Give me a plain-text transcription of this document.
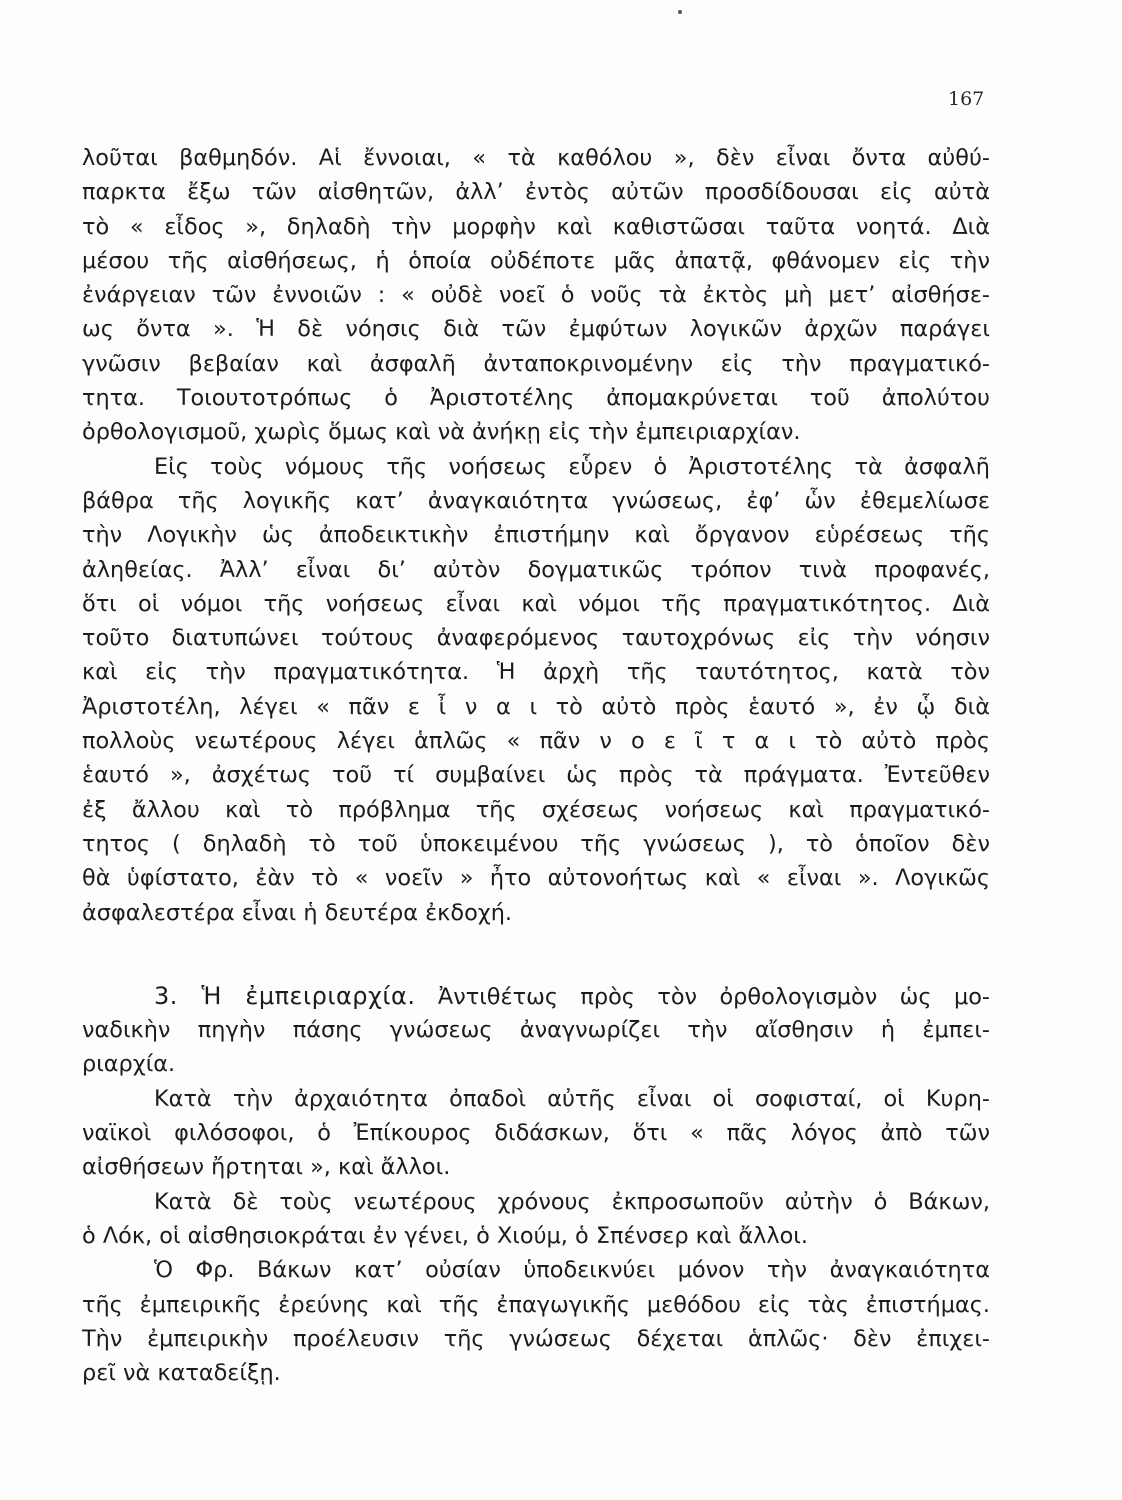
167
λοῦται βαθμηδόν. Αἱ ἔννοιαι, « τὰ καθόλου », δὲν εἶναι ὄντα αὐθύ-
παρκτα ἔξω τῶν αἰσθητῶν, ἀλλ’ ἐντὸς αὐτῶν προσδίδουσαι εἰς αὐτὰ
τὸ « εἶδος », δηλαδὴ τὴν μορφὴν καὶ καθιστῶσαι ταῦτα νοητά. Διὰ
μέσου τῆς αἰσθήσεως, ἡ ὁποία οὐδέποτε μᾶς ἀπατᾷ, φθάνομεν εἰς τὴν
ἐνάργειαν τῶν ἐννοιῶν : « οὐδὲ νοεῖ ὁ νοῦς τὰ ἐκτὸς μὴ μετ’ αἰσθήσε-
ως ὄντα ». Ἡ δὲ νόησις διὰ τῶν ἐμφύτων λογικῶν ἀρχῶν παράγει
γνῶσιν βεβαίαν καὶ ἀσφαλῆ ἀνταποκρινομένην εἰς τὴν πραγματικό-
τητα. Τοιουτοτρόπως ὁ Ἀριστοτέλης ἀπομακρύνεται τοῦ ἀπολύτου
ὀρθολογισμοῦ, χωρὶς ὅμως καὶ νὰ ἀνήκῃ εἰς τὴν ἐμπειριαρχίαν.
Εἰς τοὺς νόμους τῆς νοήσεως εὗρεν ὁ Ἀριστοτέλης τὰ ἀσφαλῆ
βάθρα τῆς λογικῆς κατ’ ἀναγκαιότητα γνώσεως, ἐφ’ ὧν ἐθεμελίωσε
τὴν Λογικὴν ὡς ἀποδεικτικὴν ἐπιστήμην καὶ ὄργανον εὑρέσεως τῆς
ἀληθείας. Ἀλλ’ εἶναι δι’ αὐτὸν δογματικῶς τρόπον τινὰ προφανές,
ὅτι οἱ νόμοι τῆς νοήσεως εἶναι καὶ νόμοι τῆς πραγματικότητος. Διὰ
τοῦτο διατυπώνει τούτους ἀναφερόμενος ταυτοχρόνως εἰς τὴν νόησιν
καὶ εἰς τὴν πραγματικότητα. Ἡ ἀρχὴ τῆς ταυτότητος, κατὰ τὸν
Ἀριστοτέλη, λέγει « πᾶν ε ἶ ν α ι τὸ αὐτὸ πρὸς ἑαυτό », ἐν ᾧ διὰ
πολλοὺς νεωτέρους λέγει ἁπλῶς « πᾶν ν ο ε ῖ τ α ι τὸ αὐτὸ πρὸς
ἑαυτό », ἀσχέτως τοῦ τί συμβαίνει ὡς πρὸς τὰ πράγματα. Ἐντεῦθεν
ἐξ ἄλλου καὶ τὸ πρόβλημα τῆς σχέσεως νοήσεως καὶ πραγματικό-
τητος ( δηλαδὴ τὸ τοῦ ὑποκειμένου τῆς γνώσεως ), τὸ ὁποῖον δὲν
θὰ ὑφίστατο, ἐὰν τὸ « νοεῖν » ἦτο αὐτονοήτως καὶ « εἶναι ». Λογικῶς
ἀσφαλεστέρα εἶναι ἡ δευτέρα ἐκδοχή.
3. Ἡ ἐμπειριαρχία. Ἀντιθέτως πρὸς τὸν ὀρθολογισμὸν ὡς μο-
ναδικὴν πηγὴν πάσης γνώσεως ἀναγνωρίζει τὴν αἴσθησιν ἡ ἐμπει-
ριαρχία.
Κατὰ τὴν ἀρχαιότητα ὀπαδοὶ αὐτῆς εἶναι οἱ σοφισταί, οἱ Κυρη-
ναϊκοὶ φιλόσοφοι, ὁ Ἐπίκουρος διδάσκων, ὅτι « πᾶς λόγος ἀπὸ τῶν
αἰσθήσεων ἤρτηται », καὶ ἄλλοι.
Κατὰ δὲ τοὺς νεωτέρους χρόνους ἐκπροσωποῦν αὐτὴν ὁ Βάκων,
ὁ Λόκ, οἱ αἰσθησιοκράται ἐν γένει, ὁ Χιούμ, ὁ Σπένσερ καὶ ἄλλοι.
Ὁ Φρ. Βάκων κατ’ οὐσίαν ὑποδεικνύει μόνον τὴν ἀναγκαιότητα
τῆς ἐμπειρικῆς ἐρεύνης καὶ τῆς ἐπαγωγικῆς μεθόδου εἰς τὰς ἐπιστήμας.
Τὴν ἐμπειρικὴν προέλευσιν τῆς γνώσεως δέχεται ἁπλῶς· δὲν ἐπιχει-
ρεῖ νὰ καταδείξῃ.
